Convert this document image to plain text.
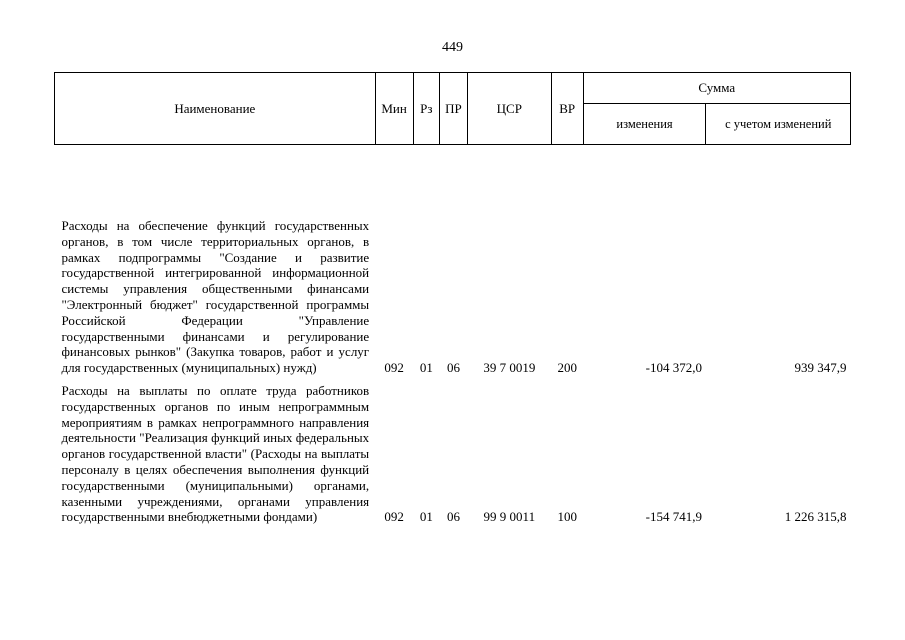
449
Наименование	Мин	Рз	ПР	ЦСР	ВР	Сумма	
						изменения	с учетом изменений
Расходы на обеспечение функций государственных органов, в том числе территориальных органов, в рамках подпрограммы "Создание и развитие государственной интегрированной информационной системы управления общественными финансами "Электронный бюджет" государственной программы Российской Федерации "Управление государственными финансами и регулирование финансовых рынков" (Закупка товаров, работ и услуг для государственных (муниципальных) нужд)	092	01	06	39 7 0019	200	-104 372,0	939 347,9
Расходы на выплаты по оплате труда работников государственных органов по иным непрограммным мероприятиям в рамках непрограммного направления деятельности "Реализация функций иных федеральных органов государственной власти" (Расходы на выплаты персоналу в целях обеспечения выполнения функций государственными (муниципальными) органами, казенными учреждениями, органами управления государственными внебюджетными фондами)	092	01	06	99 9 0011	100	-154 741,9	1 226 315,8
